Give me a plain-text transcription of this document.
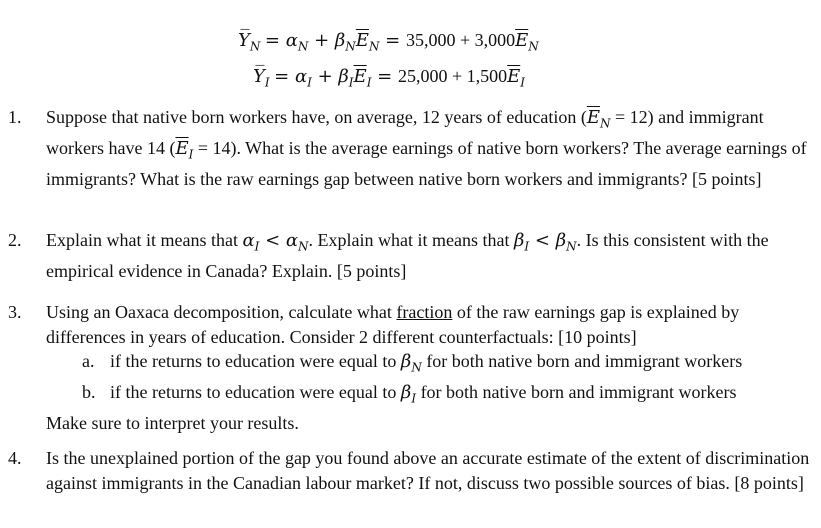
$Y̅_N = \alpha_N + \beta_N\overline{E}_N = 35,000 + 3,000\overline{E}_N$
$Y̅_I = \alpha_I + \beta_I\overline{E}_I = 25,000 + 1,500\overline{E}_I$
1.	Suppose that native born workers have, on average, 12 years of education $(\overline{E}_N = 12)$ and immigrant workers have 14 $(\overline{E}_I = 14)$. What is the average earnings of native born workers? The average earnings of immigrants? What is the raw earnings gap between native born workers and immigrants? [5 points]
2.	Explain what it means that $\alpha_I < \alpha_N$. Explain what it means that $\beta_I < \beta_N$. Is this consistent with the empirical evidence in Canada? Explain. [5 points]
3.	Using an Oaxaca decomposition, calculate what fraction of the raw earnings gap is explained by differences in years of education. Consider 2 different counterfactuals: [10 points]
a. if the returns to education were equal to $\beta_N$ for both native born and immigrant workers
b. if the returns to education were equal to $\beta_I$ for both native born and immigrant workers
Make sure to interpret your results.
4.	Is the unexplained portion of the gap you found above an accurate estimate of the extent of discrimination against immigrants in the Canadian labour market? If not, discuss two possible sources of bias. [8 points]
